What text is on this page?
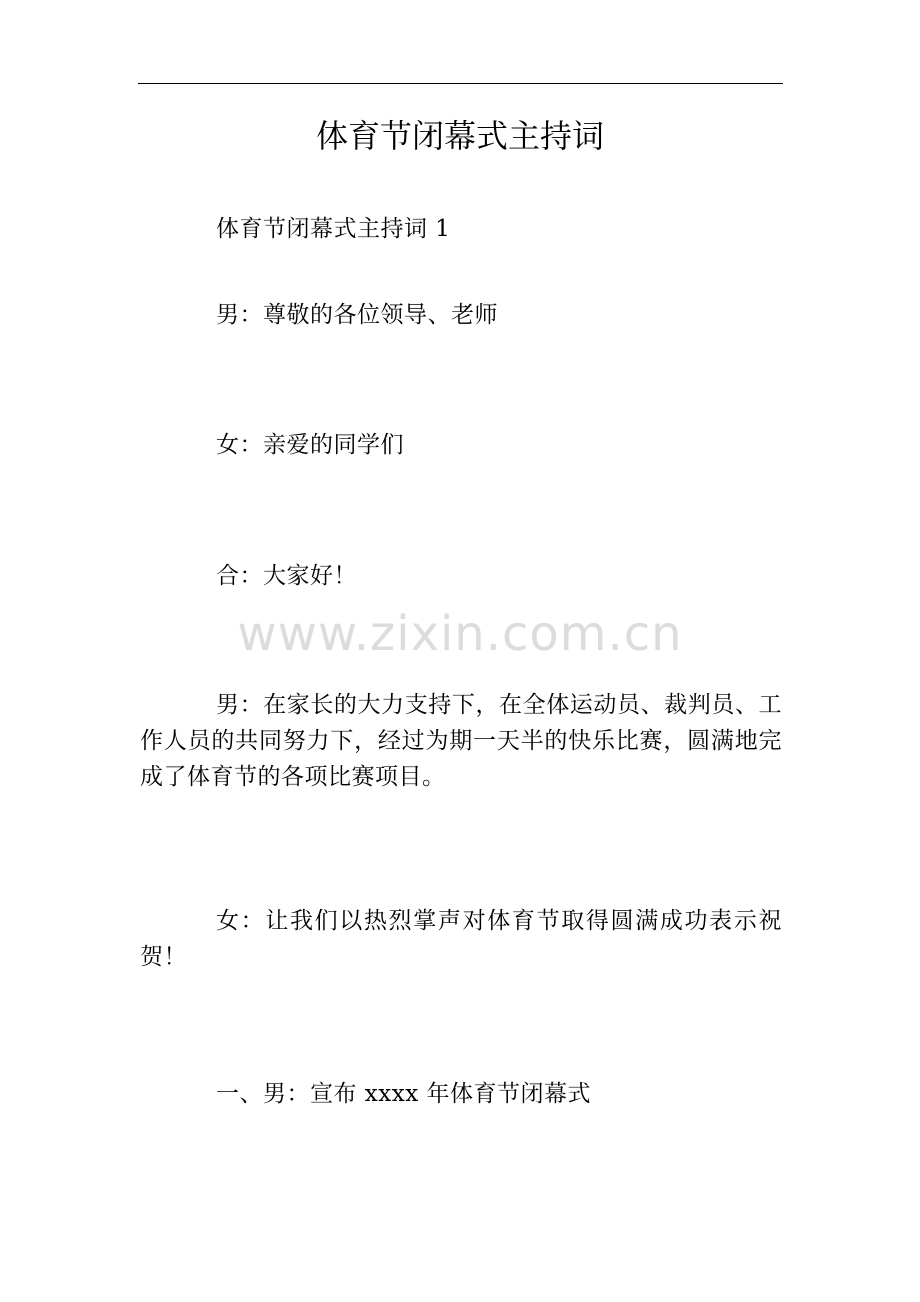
体育节闭幕式主持词

体育节闭幕式主持词 1

男：尊敬的各位领导、老师

女：亲爱的同学们

合：大家好！

www.zixin.com.cn

男：在家长的大力支持下，在全体运动员、裁判员、工作人员的共同努力下，经过为期一天半的快乐比赛，圆满地完成了体育节的各项比赛项目。

女：让我们以热烈掌声对体育节取得圆满成功表示祝贺！

一、男：宣布 xxxx 年体育节闭幕式
